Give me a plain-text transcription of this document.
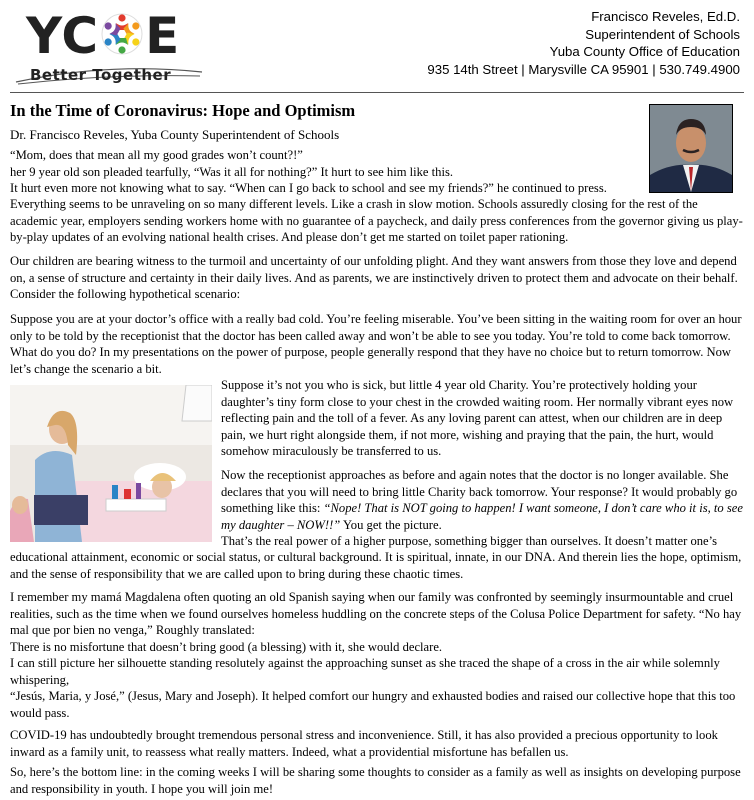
YC E
Better Together
Francisco Reveles, Ed.D.
Superintendent of Schools
Yuba County Office of Education
935 14th Street | Marysville CA 95901 | 530.749.4900
In the Time of Coronavirus: Hope and Optimism
Dr. Francisco Reveles, Yuba County Superintendent of Schools

“Mom, does that mean all my good grades won’t count?!”

her 9 year old son pleaded tearfully, “Was it all for nothing?” It hurt to see him like this.

It hurt even more not knowing what to say. “When can I go back to school and see my friends?” he continued to press.

Everything seems to be unraveling on so many different levels. Like a crash in slow motion. Schools assuredly closing for the rest of the academic year, employers sending workers home with no guarantee of a paycheck, and daily press conferences from the governor giving us play-by-play updates of an evolving national health crises. And please don’t get me started on toilet paper rationing.
Our children are bearing witness to the turmoil and uncertainty of our unfolding plight. And they want answers from those they love and depend on, a sense of structure and certainty in their daily lives. And as parents, we are instinctively driven to protect them and advocate on their behalf. Consider the following hypothetical scenario:
Suppose you are at your doctor’s office with a really bad cold. You’re feeling miserable. You’ve been sitting in the waiting room for over an hour only to be told by the receptionist that the doctor has been called away and won’t be able to see you today. You’re told to come back tomorrow. What do you do? In my presentations on the power of purpose, people generally respond that they have no choice but to return tomorrow. Now let’s change the scenario a bit.
Suppose it’s not you who is sick, but little 4 year old Charity. You’re protectively holding your daughter’s tiny form close to your chest in the crowded waiting room. Her normally vibrant eyes now reflecting pain and the toll of a fever. As any loving parent can attest, when our children are in deep pain, we hurt right alongside them, if not more, wishing and praying that the pain, the hurt, would somehow miraculously be transferred to us.
Now the receptionist approaches as before and again notes that the doctor is no longer available. She declares that you will need to bring little Charity back tomorrow. Your response? It would probably go something like this: “Nope! That is NOT going to happen! I want someone, I don’t care who it is, to see my daughter – NOW!!” You get the picture.
That’s the real power of a higher purpose, something bigger than ourselves. It doesn’t matter one’s
educational attainment, economic or social status, or cultural background. It is spiritual, innate, in our DNA. And therein lies the hope, optimism, and the sense of responsibility that we are called upon to bring during these chaotic times.

I remember my mamá Magdalena often quoting an old Spanish saying when our family was confronted by seemingly insurmountable and cruel realities, such as the time when we found ourselves homeless huddling on the concrete steps of the Colusa Police Department for safety. “No hay mal que por bien no venga,” Roughly translated:

There is no misfortune that doesn’t bring good (a blessing) with it, she would declare.

I can still picture her silhouette standing resolutely against the approaching sunset as she traced the shape of a cross in the air while solemnly whispering,

“Jesús, Maria, y José,” (Jesus, Mary and Joseph). It helped comfort our hungry and exhausted bodies and raised our collective hope that this too would pass.

COVID-19 has undoubtedly brought tremendous personal stress and inconvenience. Still, it has also provided a precious opportunity to look inward as a family unit, to reassess what really matters. Indeed, what a providential misfortune has befallen us.
So, here’s the bottom line: in the coming weeks I will be sharing some thoughts to consider as a family as well as insights on developing purpose and responsibility in youth. I hope you will join me!
